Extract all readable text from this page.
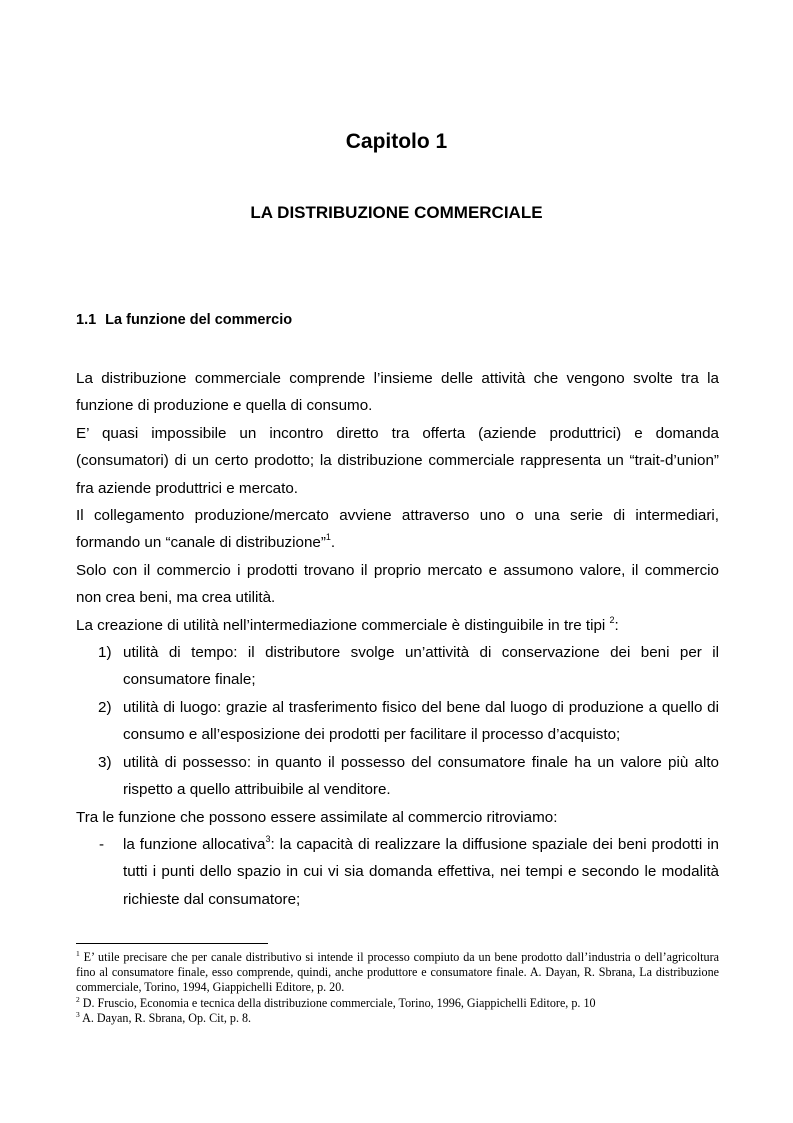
Capitolo 1
LA DISTRIBUZIONE COMMERCIALE
1.1 La funzione del commercio

La distribuzione commerciale comprende l’insieme delle attività che vengono svolte tra la funzione di produzione e quella di consumo.

E’ quasi impossibile un incontro diretto tra offerta (aziende produttrici) e domanda (consumatori) di un certo prodotto; la distribuzione commerciale rappresenta un “trait-d’union” fra aziende produttrici e mercato.

Il collegamento produzione/mercato avviene attraverso uno o una serie di intermediari, formando un “canale di distribuzione”$^1$.

Solo con il commercio i prodotti trovano il proprio mercato e assumono valore, il commercio non crea beni, ma crea utilità.

La creazione di utilità nell’intermediazione commerciale è distinguibile in tre tipi $^2$:

1) utilità di tempo: il distributore svolge un’attività di conservazione dei beni per il consumatore finale;
2) utilità di luogo: grazie al trasferimento fisico del bene dal luogo di produzione a quello di consumo e all’esposizione dei prodotti per facilitare il processo d’acquisto;
3) utilità di possesso: in quanto il possesso del consumatore finale ha un valore più alto rispetto a quello attribuibile al venditore.

Tra le funzione che possono essere assimilate al commercio ritroviamo:

- la funzione allocativa$^3$: la capacità di realizzare la diffusione spaziale dei beni prodotti in tutti i punti dello spazio in cui vi sia domanda effettiva, nei tempi e secondo le modalità richieste dal consumatore;

$^1$ E’ utile precisare che per canale distributivo si intende il processo compiuto da un bene prodotto dall’industria o dell’agricoltura fino al consumatore finale, esso comprende, quindi, anche produttore e consumatore finale. A. Dayan, R. Sbrana, La distribuzione commerciale, Torino, 1994, Giappichelli Editore, p. 20.

$^2$ D. Fruscio, Economia e tecnica della distribuzione commerciale, Torino, 1996, Giappichelli Editore, p. 10

$^3$ A. Dayan, R. Sbrana, Op. Cit, p. 8.
